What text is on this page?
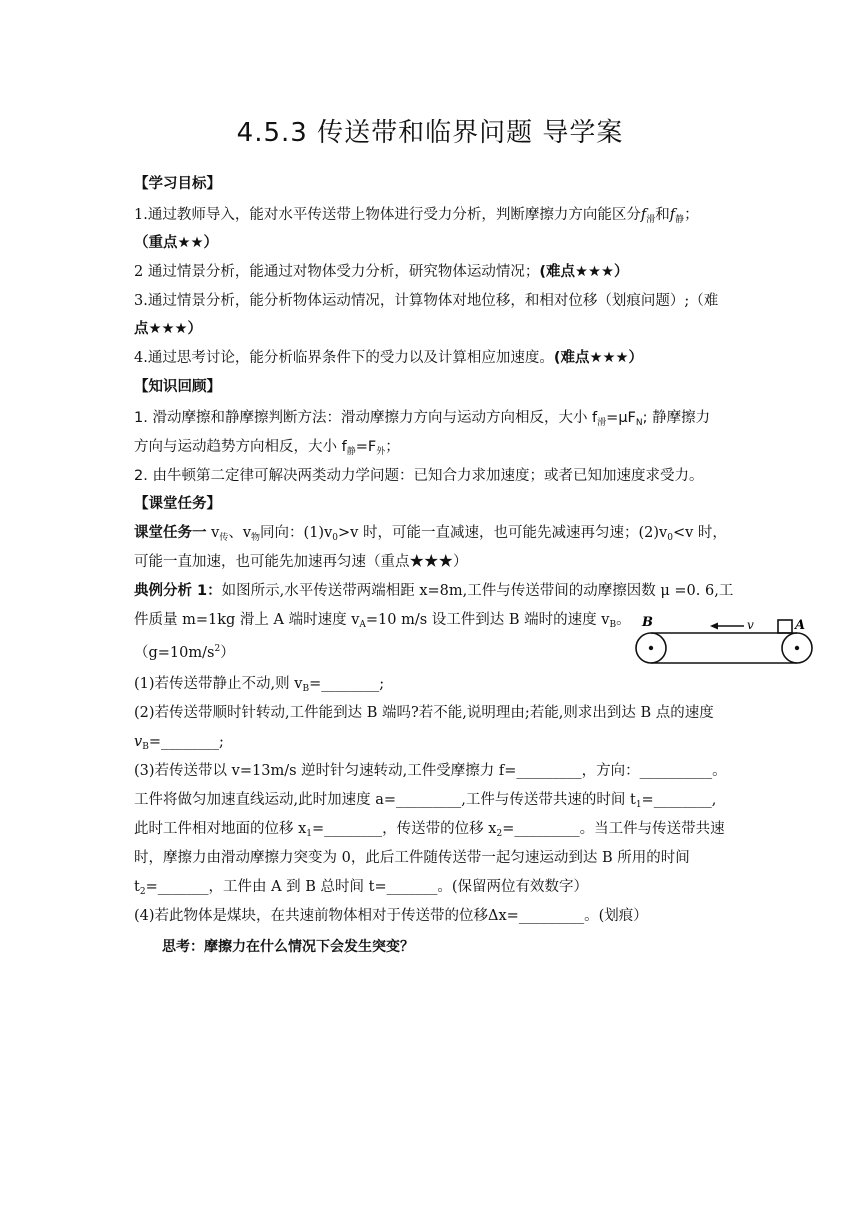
4.5.3 传送带和临界问题 导学案
【学习目标】
1.通过教师导入，能对水平传送带上物体进行受力分析，判断摩擦力方向能区分$f_滑$和$f_静$；
（重点★★）
2 通过情景分析，能通过对物体受力分析，研究物体运动情况；(难点★★★）
3.通过情景分析，能分析物体运动情况，计算物体对地位移，和相对位移（划痕问题）;（难
点★★★）
4.通过思考讨论，能分析临界条件下的受力以及计算相应加速度。(难点★★★）
【知识回顾】
1. 滑动摩擦和静摩擦判断方法：滑动摩擦力方向与运动方向相反，大小 $f_滑=\mu F_N$; 静摩擦力
方向与运动趋势方向相反，大小 $f_静=F_外$；
2. 由牛顿第二定律可解决两类动力学问题：已知合力求加速度；或者已知加速度求受力。
【课堂任务】
课堂任务一 $v_传$、$v_物$同向：$(1)v_0>v$ 时，可能一直减速，也可能先减速再匀速；$(2)v_0<v$ 时，
可能一直加速，也可能先加速再匀速（重点★★★）
典例分析 1：如图所示,水平传送带两端相距 x=8m,工件与传送带间的动摩擦因数 μ =0. 6,工
件质量 m=1kg 滑上 A 端时速度 $v_A=10$ m/s 设工件到达 B 端时的速度 $v_B$。
$(g=10m/s^2)$
(1)若传送带静止不动,则 $v_B=\_\_\_\_\_\_\_\_$;
(2)若传送带顺时针转动,工件能到达 B 端吗?若不能,说明理由;若能,则求出到达 B 点的速度
$v_B=\_\_\_\_\_\_\_\_$;
(3)若传送带以 v=13m/s 逆时针匀速转动,工件受摩擦力 f=_________，方向：__________。
工件将做匀加速直线运动,此时加速度 a=_________,工件与传送带共速的时间 $t_1=\_\_\_\_\_\_\_\_$,
此时工件相对地面的位移 $x_1=\_\_\_\_\_\_\_\_$，传送带的位移 $x_2=\_\_\_\_\_\_\_\_\_$。当工件与传送带共速
时，摩擦力由滑动摩擦力突变为 0，此后工件随传送带一起匀速运动到达 B 所用的时间
$t_2=\_\_\_\_\_\_\_$，工件由 A 到 B 总时间 t=_______。(保留两位有效数字）
(4)若此物体是煤块，在共速前物体相对于传送带的位移Δx=_________。(划痕）
思考：摩擦力在什么情况下会发生突变？
B	v	A
